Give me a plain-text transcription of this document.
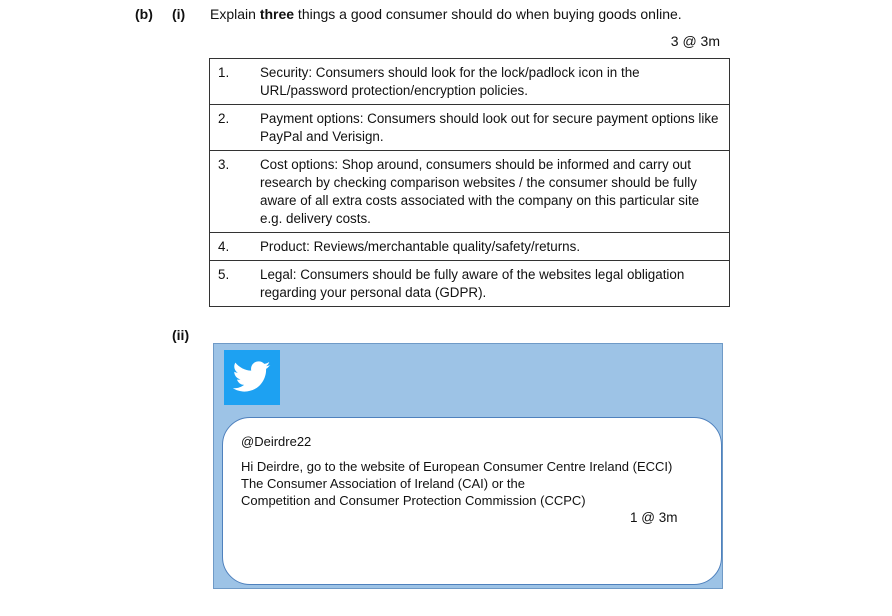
(b) (i) Explain three things a good consumer should do when buying goods online.
3 @ 3m
1.	Security: Consumers should look for the lock/padlock icon in the URL/password protection/encryption policies.
2.	Payment options: Consumers should look out for secure payment options like PayPal and Verisign.
3.	Cost options: Shop around, consumers should be informed and carry out research by checking comparison websites / the consumer should be fully aware of all extra costs associated with the company on this particular site e.g. delivery costs.
4.	Product: Reviews/merchantable quality/safety/returns.
5.	Legal: Consumers should be fully aware of the websites legal obligation regarding your personal data (GDPR).
(ii)
@Deirdre22
Hi Deirdre, go to the website of European Consumer Centre Ireland (ECCI)
The Consumer Association of Ireland (CAI) or the
Competition and Consumer Protection Commission (CCPC)
1 @ 3m
